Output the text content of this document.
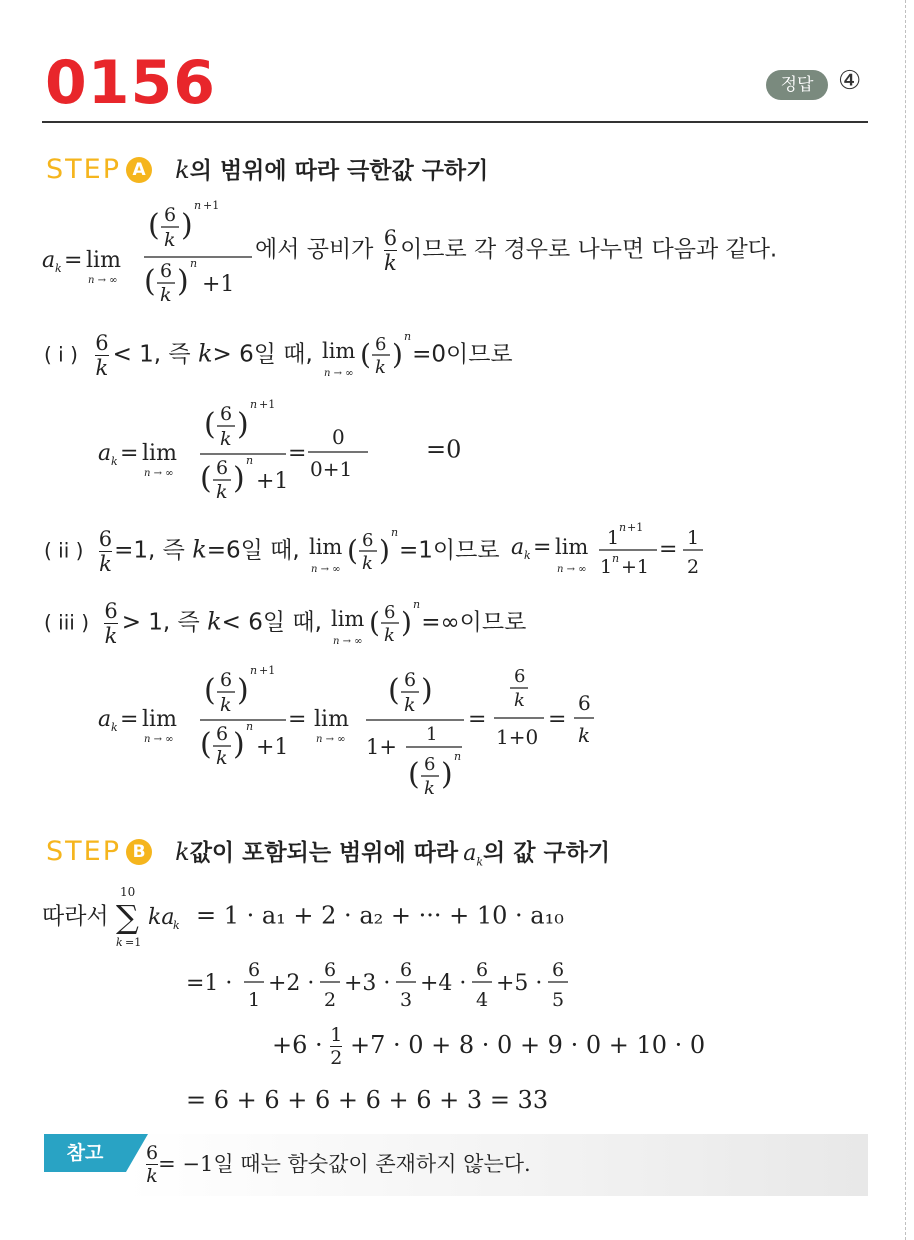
0156	정답 ④
STEP A k의 범위에 따라 극한값 구하기
a k = lim
n → ∞
( 6
k )
n +1
( 6
k )
n
+1
에서 공비가 $\frac{6}{k}$ 이므로 각 경우로 나누면 다음과 같다.
( i ) $\frac{6}{k} < 1$, 즉 k> 6일 때, lim
n → ∞
( 6
k )
n
=0이므로
a k = lim
n → ∞
( 6
k )
n +1
( 6
k )
n
+1
=
0
0+1
=0
( ii ) $\frac{6}{k} =1$, 즉 k=6일 때, lim
n → ∞
( 6
k )
n
=1이므로 a k = lim
n → ∞
1 n +1
1 n +1
= 1
2
( iii ) $\frac{6}{k} > 1$, 즉 k< 6일 때, lim
n → ∞
( 6
k )
n
=∞이므로
a k = lim
n → ∞
( 6
k )
n +1
( 6
k )
n
+1
= lim
n → ∞
( 6
k )
1+
1
( 6
k )
n
=
6
k
1+0
=
6
k
STEP B k값이 포함되는 범위에 따라 $a_k$의 값 구하기
따라서
10
∑
k =1
ka
k = 1 · a₁ + 2 · a₂ + ··· + 10 · a₁₀
=1 ·
6
1
+2 ·
6
2
+3 ·
6
3
+4 ·
6
4
+5 ·
6
5
$+6 \cdot \frac{1}{2} +7 \cdot 0 + 8 \cdot 0 + 9 \cdot 0 + 10 \cdot 0$
= 6 + 6 + 6 + 6 + 6 + 3 = 33
참고	$\frac{6}{k} = -1$일 때는 함숫값이 존재하지 않는다.
